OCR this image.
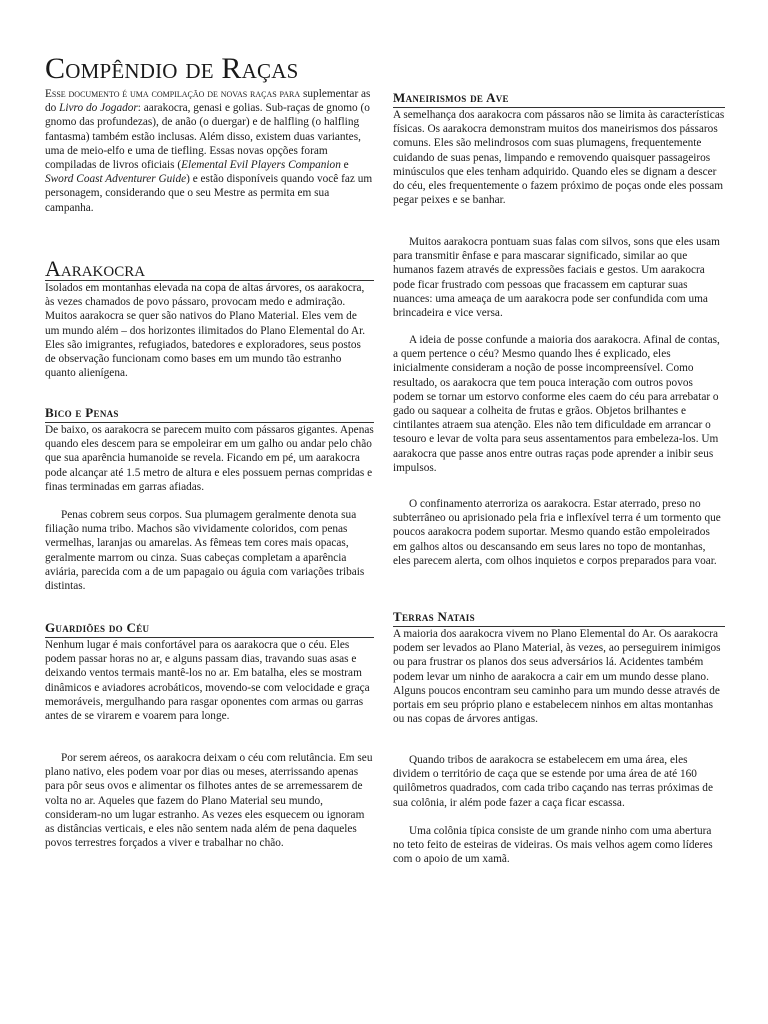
Compêndio de Raças

Esse documento é uma compilação de novas raças para suplementar as do Livro do Jogador: aarakocra, genasi e golias. Sub-raças de gnomo (o gnomo das profundezas), de anão (o duergar) e de halfling (o halfling fantasma) também estão inclusas. Além disso, existem duas variantes, uma de meio-elfo e uma de tiefling. Essas novas opções foram compiladas de livros oficiais (Elemental Evil Players Companion e Sword Coast Adventurer Guide) e estão disponíveis quando você faz um personagem, considerando que o seu Mestre as permita em sua campanha.

Aarakocra

Isolados em montanhas elevada na copa de altas árvores, os aarakocra, às vezes chamados de povo pássaro, provocam medo e admiração. Muitos aarakocra se quer são nativos do Plano Material. Eles vem de um mundo além – dos horizontes ilimitados do Plano Elemental do Ar. Eles são imigrantes, refugiados, batedores e exploradores, seus postos de observação funcionam como bases em um mundo tão estranho quanto alienígena.

Bico e Penas

De baixo, os aarakocra se parecem muito com pássaros gigantes. Apenas quando eles descem para se empoleirar em um galho ou andar pelo chão que sua aparência humanoide se revela. Ficando em pé, um aarakocra pode alcançar até 1.5 metro de altura e eles possuem pernas compridas e finas terminadas em garras afiadas.

Penas cobrem seus corpos. Sua plumagem geralmente denota sua filiação numa tribo. Machos são vividamente coloridos, com penas vermelhas, laranjas ou amarelas. As fêmeas tem cores mais opacas, geralmente marrom ou cinza. Suas cabeças completam a aparência aviária, parecida com a de um papagaio ou águia com variações tribais distintas.

Guardiões do Céu

Nenhum lugar é mais confortável para os aarakocra que o céu. Eles podem passar horas no ar, e alguns passam dias, travando suas asas e deixando ventos termais mantê-los no ar. Em batalha, eles se mostram dinâmicos e aviadores acrobáticos, movendo-se com velocidade e graça memoráveis, mergulhando para rasgar oponentes com armas ou garras antes de se virarem e voarem para longe.

Por serem aéreos, os aarakocra deixam o céu com relutância. Em seu plano nativo, eles podem voar por dias ou meses, aterrissando apenas para pôr seus ovos e alimentar os filhotes antes de se arremessarem de volta no ar. Aqueles que fazem do Plano Material seu mundo, consideram-no um lugar estranho. As vezes eles esquecem ou ignoram as distâncias verticais, e eles não sentem nada além de pena daqueles povos terrestres forçados a viver e trabalhar no chão.

Maneirismos de Ave

A semelhança dos aarakocra com pássaros não se limita às características físicas. Os aarakocra demonstram muitos dos maneirismos dos pássaros comuns. Eles são melindrosos com suas plumagens, frequentemente cuidando de suas penas, limpando e removendo quaisquer passageiros minúsculos que eles tenham adquirido. Quando eles se dignam a descer do céu, eles frequentemente o fazem próximo de poças onde eles possam pegar peixes e se banhar.

Muitos aarakocra pontuam suas falas com silvos, sons que eles usam para transmitir ênfase e para mascarar significado, similar ao que humanos fazem através de expressões faciais e gestos. Um aarakocra pode ficar frustrado com pessoas que fracassem em capturar suas nuances: uma ameaça de um aarakocra pode ser confundida com uma brincadeira e vice versa.

A ideia de posse confunde a maioria dos aarakocra. Afinal de contas, a quem pertence o céu? Mesmo quando lhes é explicado, eles inicialmente consideram a noção de posse incompreensível. Como resultado, os aarakocra que tem pouca interação com outros povos podem se tornar um estorvo conforme eles caem do céu para arrebatar o gado ou saquear a colheita de frutas e grãos. Objetos brilhantes e cintilantes atraem sua atenção. Eles não tem dificuldade em arrancar o tesouro e levar de volta para seus assentamentos para embeleza-los. Um aarakocra que passe anos entre outras raças pode aprender a inibir seus impulsos.

O confinamento aterroriza os aarakocra. Estar aterrado, preso no subterrâneo ou aprisionado pela fria e inflexível terra é um tormento que poucos aarakocra podem suportar. Mesmo quando estão empoleirados em galhos altos ou descansando em seus lares no topo de montanhas, eles parecem alerta, com olhos inquietos e corpos preparados para voar.

Terras Natais

A maioria dos aarakocra vivem no Plano Elemental do Ar. Os aarakocra podem ser levados ao Plano Material, às vezes, ao perseguirem inimigos ou para frustrar os planos dos seus adversários lá. Acidentes também podem levar um ninho de aarakocra a cair em um mundo desse plano. Alguns poucos encontram seu caminho para um mundo desse através de portais em seu próprio plano e estabelecem ninhos em altas montanhas ou nas copas de árvores antigas.

Quando tribos de aarakocra se estabelecem em uma área, eles dividem o território de caça que se estende por uma área de até 160 quilômetros quadrados, com cada tribo caçando nas terras próximas de sua colônia, ir além pode fazer a caça ficar escassa.

Uma colônia típica consiste de um grande ninho com uma abertura no teto feito de esteiras de videiras. Os mais velhos agem como líderes com o apoio de um xamã.
